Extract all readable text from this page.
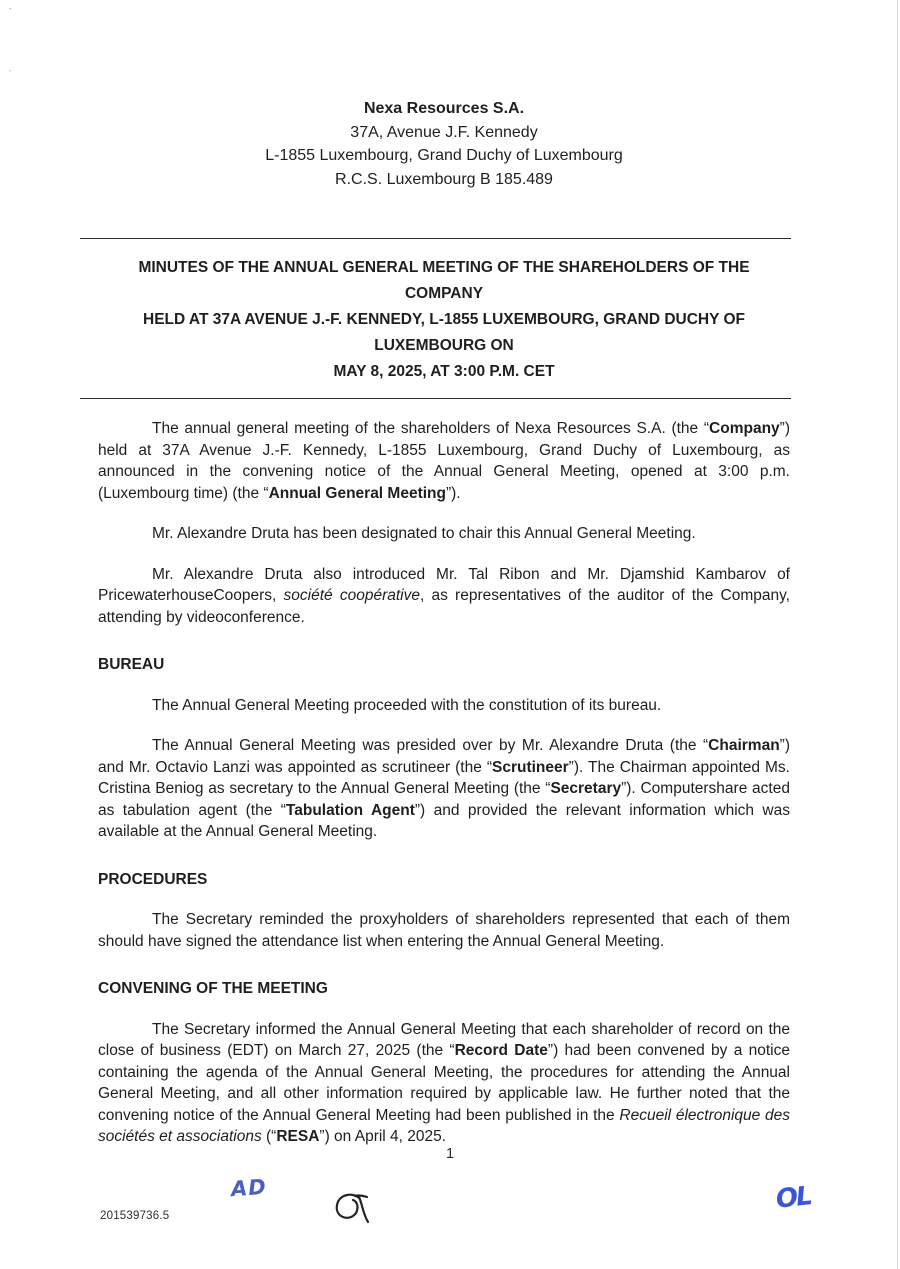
`
´
Nexa Resources S.A.
37A, Avenue J.F. Kennedy
L-1855 Luxembourg, Grand Duchy of Luxembourg
R.C.S. Luxembourg B 185.489
MINUTES OF THE ANNUAL GENERAL MEETING OF THE SHAREHOLDERS OF THE COMPANY
HELD AT 37A AVENUE J.-F. KENNEDY, L-1855 LUXEMBOURG, GRAND DUCHY OF LUXEMBOURG ON
MAY 8, 2025, AT 3:00 P.M. CET

The annual general meeting of the shareholders of Nexa Resources S.A. (the “Company”) held at 37A Avenue J.-F. Kennedy, L-1855 Luxembourg, Grand Duchy of Luxembourg, as announced in the convening notice of the Annual General Meeting, opened at 3:00 p.m. (Luxembourg time) (the “Annual General Meeting”).

Mr. Alexandre Druta has been designated to chair this Annual General Meeting.

Mr. Alexandre Druta also introduced Mr. Tal Ribon and Mr. Djamshid Kambarov of PricewaterhouseCoopers, société coopérative, as representatives of the auditor of the Company, attending by videoconference.

BUREAU

The Annual General Meeting proceeded with the constitution of its bureau.

The Annual General Meeting was presided over by Mr. Alexandre Druta (the “Chairman”) and Mr. Octavio Lanzi was appointed as scrutineer (the “Scrutineer”). The Chairman appointed Ms. Cristina Beniog as secretary to the Annual General Meeting (the “Secretary”). Computershare acted as tabulation agent (the “Tabulation Agent”) and provided the relevant information which was available at the Annual General Meeting.

PROCEDURES

The Secretary reminded the proxyholders of shareholders represented that each of them should have signed the attendance list when entering the Annual General Meeting.

CONVENING OF THE MEETING

The Secretary informed the Annual General Meeting that each shareholder of record on the close of business (EDT) on March 27, 2025 (the “Record Date”) had been convened by a notice containing the agenda of the Annual General Meeting, the procedures for attending the Annual General Meeting, and all other information required by applicable law. He further noted that the convening notice of the Annual General Meeting had been published in the Recueil électronique des sociétés et associations (“RESA”) on April 4, 2025.

1
201539736.5
AD	OL
